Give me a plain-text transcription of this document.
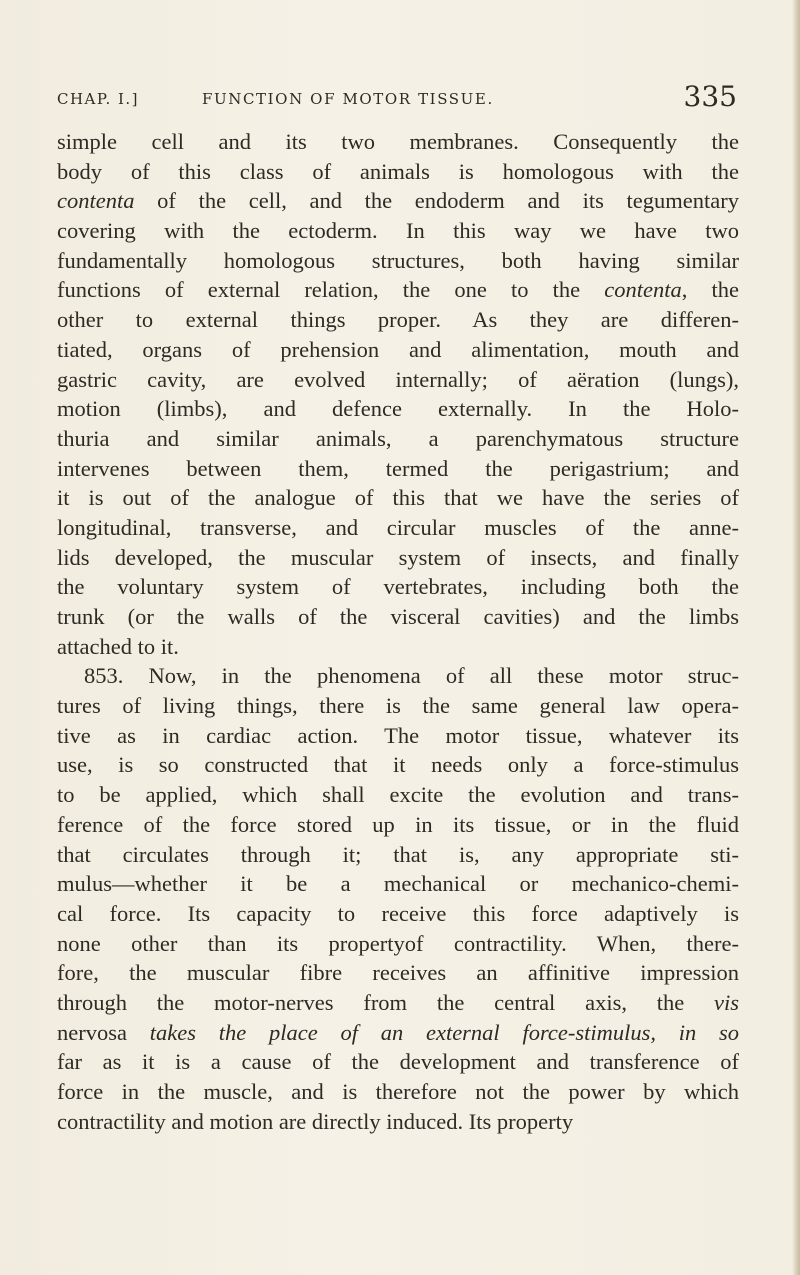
CHAP. I.]	FUNCTION OF MOTOR TISSUE.	335
simple cell and its two membranes. Consequently the
body of this class of animals is homologous with the
contenta of the cell, and the endoderm and its tegumentary
covering with the ectoderm. In this way we have two
fundamentally homologous structures, both having similar
functions of external relation, the one to the contenta, the
other to external things proper. As they are differen-
tiated, organs of prehension and alimentation, mouth and
gastric cavity, are evolved internally; of aëration (lungs),
motion (limbs), and defence externally. In the Holo-
thuria and similar animals, a parenchymatous structure
intervenes between them, termed the perigastrium; and
it is out of the analogue of this that we have the series of
longitudinal, transverse, and circular muscles of the anne-
lids developed, the muscular system of insects, and finally
the voluntary system of vertebrates, including both the
trunk (or the walls of the visceral cavities) and the limbs
attached to it.
853. Now, in the phenomena of all these motor struc-
tures of living things, there is the same general law opera-
tive as in cardiac action. The motor tissue, whatever its
use, is so constructed that it needs only a force-stimulus
to be applied, which shall excite the evolution and trans-
ference of the force stored up in its tissue, or in the fluid
that circulates through it; that is, any appropriate sti-
mulus—whether it be a mechanical or mechanico-chemi-
cal force. Its capacity to receive this force adaptively is
none other than its propertyof contractility. When, there-
fore, the muscular fibre receives an affinitive impression
through the motor-nerves from the central axis, the vis
nervosa takes the place of an external force-stimulus, in so
far as it is a cause of the development and transference of
force in the muscle, and is therefore not the power by which
contractility and motion are directly induced. Its property
